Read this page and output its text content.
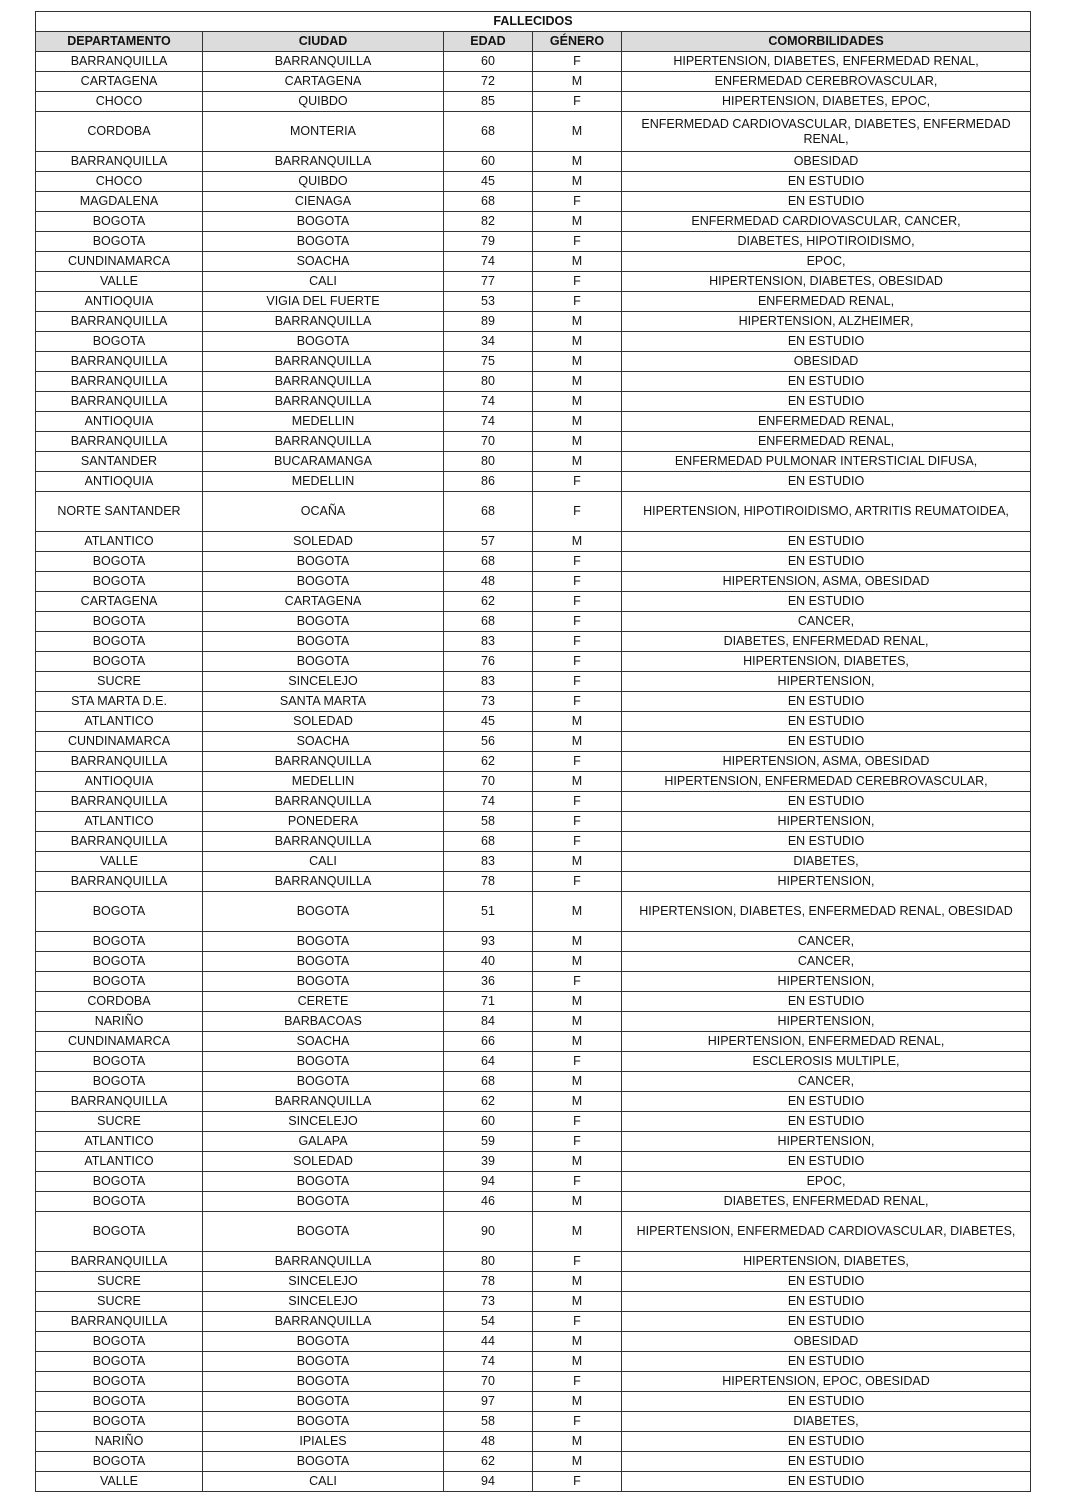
FALLECIDOS				
DEPARTAMENTO	CIUDAD	EDAD	GÉNERO	COMORBILIDADES
BARRANQUILLA	BARRANQUILLA	60	F	HIPERTENSION, DIABETES, ENFERMEDAD RENAL,
CARTAGENA	CARTAGENA	72	M	ENFERMEDAD CEREBROVASCULAR,
CHOCO	QUIBDO	85	F	HIPERTENSION, DIABETES, EPOC,
CORDOBA	MONTERIA	68	M	ENFERMEDAD CARDIOVASCULAR, DIABETES, ENFERMEDAD RENAL,
BARRANQUILLA	BARRANQUILLA	60	M	OBESIDAD
CHOCO	QUIBDO	45	M	EN ESTUDIO
MAGDALENA	CIENAGA	68	F	EN ESTUDIO
BOGOTA	BOGOTA	82	M	ENFERMEDAD CARDIOVASCULAR, CANCER,
BOGOTA	BOGOTA	79	F	DIABETES, HIPOTIROIDISMO,
CUNDINAMARCA	SOACHA	74	M	EPOC,
VALLE	CALI	77	F	HIPERTENSION, DIABETES, OBESIDAD
ANTIOQUIA	VIGIA DEL FUERTE	53	F	ENFERMEDAD RENAL,
BARRANQUILLA	BARRANQUILLA	89	M	HIPERTENSION, ALZHEIMER,
BOGOTA	BOGOTA	34	M	EN ESTUDIO
BARRANQUILLA	BARRANQUILLA	75	M	OBESIDAD
BARRANQUILLA	BARRANQUILLA	80	M	EN ESTUDIO
BARRANQUILLA	BARRANQUILLA	74	M	EN ESTUDIO
ANTIOQUIA	MEDELLIN	74	M	ENFERMEDAD RENAL,
BARRANQUILLA	BARRANQUILLA	70	M	ENFERMEDAD RENAL,
SANTANDER	BUCARAMANGA	80	M	ENFERMEDAD PULMONAR INTERSTICIAL DIFUSA,
ANTIOQUIA	MEDELLIN	86	F	EN ESTUDIO
NORTE SANTANDER	OCAÑA	68	F	HIPERTENSION, HIPOTIROIDISMO, ARTRITIS REUMATOIDEA,
ATLANTICO	SOLEDAD	57	M	EN ESTUDIO
BOGOTA	BOGOTA	68	F	EN ESTUDIO
BOGOTA	BOGOTA	48	F	HIPERTENSION, ASMA, OBESIDAD
CARTAGENA	CARTAGENA	62	F	EN ESTUDIO
BOGOTA	BOGOTA	68	F	CANCER,
BOGOTA	BOGOTA	83	F	DIABETES, ENFERMEDAD RENAL,
BOGOTA	BOGOTA	76	F	HIPERTENSION, DIABETES,
SUCRE	SINCELEJO	83	F	HIPERTENSION,
STA MARTA D.E.	SANTA MARTA	73	F	EN ESTUDIO
ATLANTICO	SOLEDAD	45	M	EN ESTUDIO
CUNDINAMARCA	SOACHA	56	M	EN ESTUDIO
BARRANQUILLA	BARRANQUILLA	62	F	HIPERTENSION, ASMA, OBESIDAD
ANTIOQUIA	MEDELLIN	70	M	HIPERTENSION, ENFERMEDAD CEREBROVASCULAR,
BARRANQUILLA	BARRANQUILLA	74	F	EN ESTUDIO
ATLANTICO	PONEDERA	58	F	HIPERTENSION,
BARRANQUILLA	BARRANQUILLA	68	F	EN ESTUDIO
VALLE	CALI	83	M	DIABETES,
BARRANQUILLA	BARRANQUILLA	78	F	HIPERTENSION,
BOGOTA	BOGOTA	51	M	HIPERTENSION, DIABETES, ENFERMEDAD RENAL, OBESIDAD
BOGOTA	BOGOTA	93	M	CANCER,
BOGOTA	BOGOTA	40	M	CANCER,
BOGOTA	BOGOTA	36	F	HIPERTENSION,
CORDOBA	CERETE	71	M	EN ESTUDIO
NARIÑO	BARBACOAS	84	M	HIPERTENSION,
CUNDINAMARCA	SOACHA	66	M	HIPERTENSION, ENFERMEDAD RENAL,
BOGOTA	BOGOTA	64	F	ESCLEROSIS MULTIPLE,
BOGOTA	BOGOTA	68	M	CANCER,
BARRANQUILLA	BARRANQUILLA	62	M	EN ESTUDIO
SUCRE	SINCELEJO	60	F	EN ESTUDIO
ATLANTICO	GALAPA	59	F	HIPERTENSION,
ATLANTICO	SOLEDAD	39	M	EN ESTUDIO
BOGOTA	BOGOTA	94	F	EPOC,
BOGOTA	BOGOTA	46	M	DIABETES, ENFERMEDAD RENAL,
BOGOTA	BOGOTA	90	M	HIPERTENSION, ENFERMEDAD CARDIOVASCULAR, DIABETES,
BARRANQUILLA	BARRANQUILLA	80	F	HIPERTENSION, DIABETES,
SUCRE	SINCELEJO	78	M	EN ESTUDIO
SUCRE	SINCELEJO	73	M	EN ESTUDIO
BARRANQUILLA	BARRANQUILLA	54	F	EN ESTUDIO
BOGOTA	BOGOTA	44	M	OBESIDAD
BOGOTA	BOGOTA	74	M	EN ESTUDIO
BOGOTA	BOGOTA	70	F	HIPERTENSION, EPOC, OBESIDAD
BOGOTA	BOGOTA	97	M	EN ESTUDIO
BOGOTA	BOGOTA	58	F	DIABETES,
NARIÑO	IPIALES	48	M	EN ESTUDIO
BOGOTA	BOGOTA	62	M	EN ESTUDIO
VALLE	CALI	94	F	EN ESTUDIO
